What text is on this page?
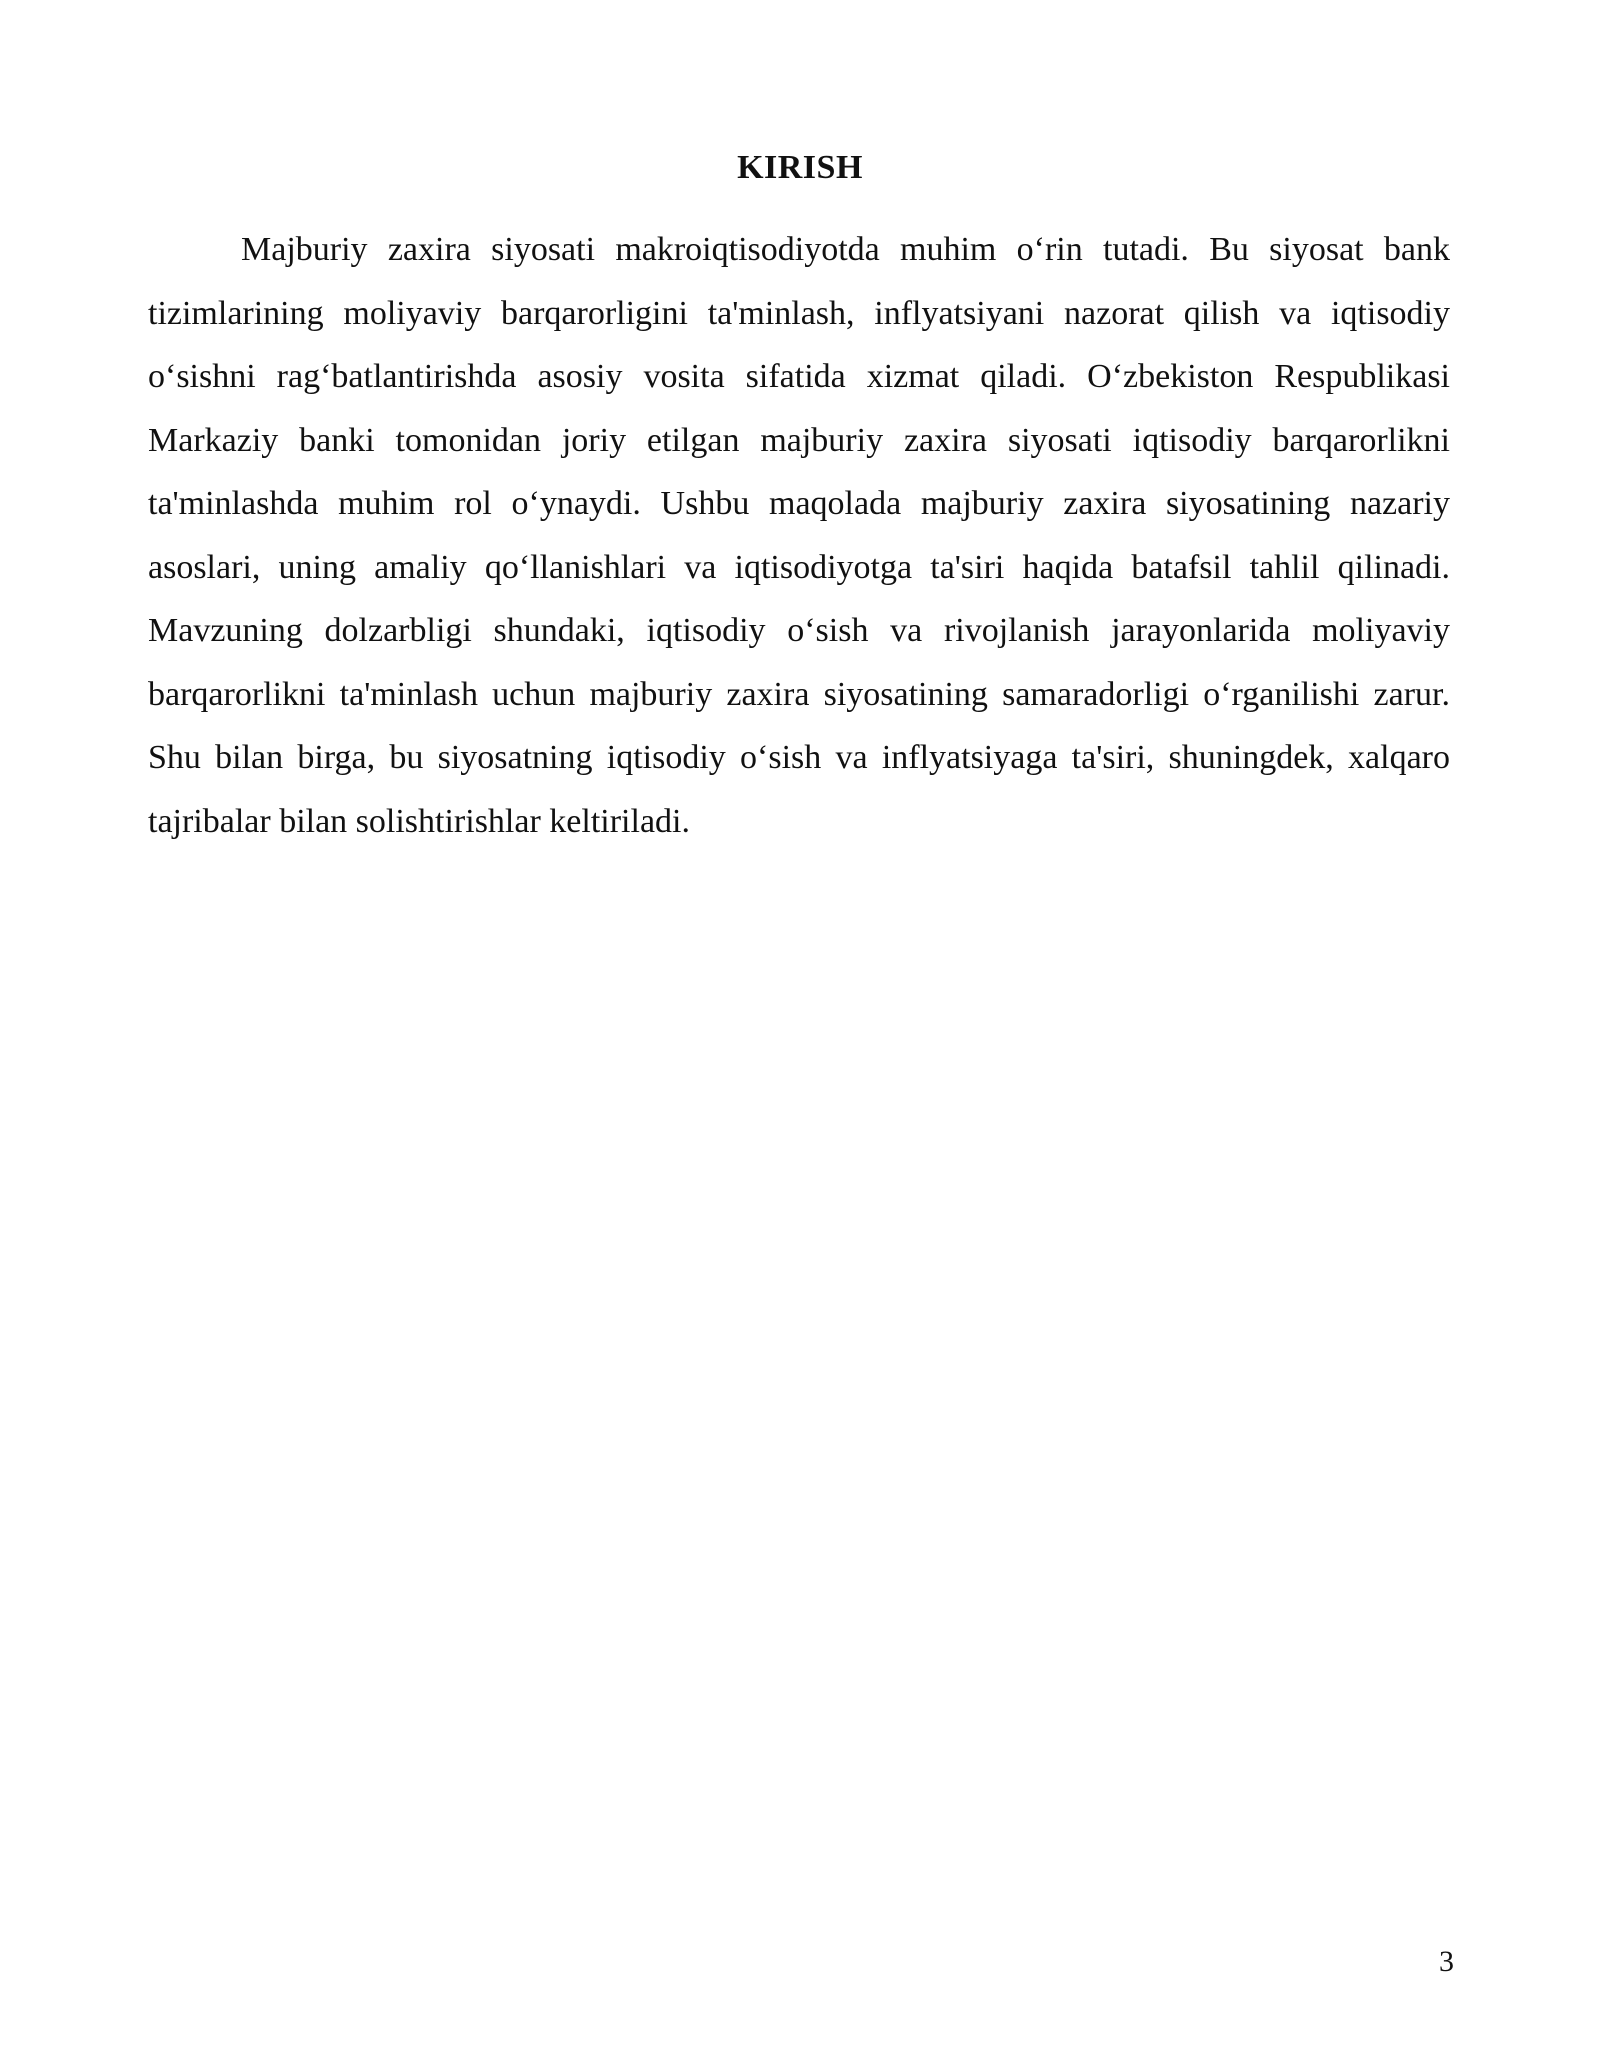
KIRISH

Majburiy zaxira siyosati makroiqtisodiyotda muhim o‘rin tutadi. Bu siyosat bank tizimlarining moliyaviy barqarorligini ta'minlash, inflyatsiyani nazorat qilish va iqtisodiy o‘sishni rag‘batlantirishda asosiy vosita sifatida xizmat qiladi. O‘zbekiston Respublikasi Markaziy banki tomonidan joriy etilgan majburiy zaxira siyosati iqtisodiy barqarorlikni ta'minlashda muhim rol o‘ynaydi. Ushbu maqolada majburiy zaxira siyosatining nazariy asoslari, uning amaliy qo‘llanishlari va iqtisodiyotga ta'siri haqida batafsil tahlil qilinadi. Mavzuning dolzarbligi shundaki, iqtisodiy o‘sish va rivojlanish jarayonlarida moliyaviy barqarorlikni ta'minlash uchun majburiy zaxira siyosatining samaradorligi o‘rganilishi zarur. Shu bilan birga, bu siyosatning iqtisodiy o‘sish va inflyatsiyaga ta'siri, shuningdek, xalqaro tajribalar bilan solishtirishlar keltiriladi.

3
